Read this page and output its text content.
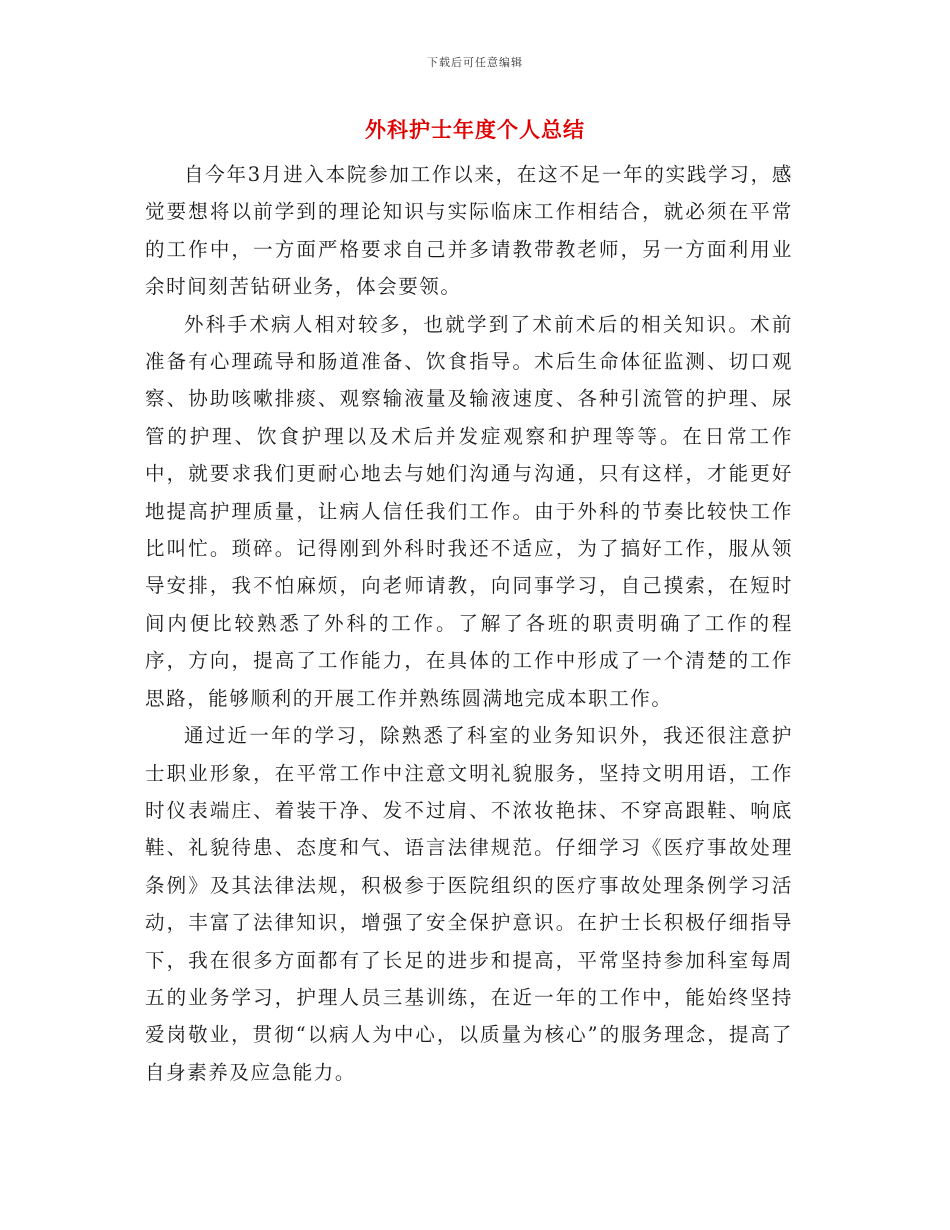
下载后可任意编辑
外科护士年度个人总结

自今年3月进入本院参加工作以来，在这不足一年的实践学习，感觉要想将以前学到的理论知识与实际临床工作相结合，就必须在平常的工作中，一方面严格要求自己并多请教带教老师，另一方面利用业余时间刻苦钻研业务，体会要领。

外科手术病人相对较多，也就学到了术前术后的相关知识。术前准备有心理疏导和肠道准备、饮食指导。术后生命体征监测、切口观察、协助咳嗽排痰、观察输液量及输液速度、各种引流管的护理、尿管的护理、饮食护理以及术后并发症观察和护理等等。在日常工作中，就要求我们更耐心地去与她们沟通与沟通，只有这样，才能更好地提高护理质量，让病人信任我们工作。由于外科的节奏比较快工作比叫忙。琐碎。记得刚到外科时我还不适应，为了搞好工作，服从领导安排，我不怕麻烦，向老师请教，向同事学习，自己摸索，在短时间内便比较熟悉了外科的工作。了解了各班的职责明确了工作的程序，方向，提高了工作能力，在具体的工作中形成了一个清楚的工作思路，能够顺利的开展工作并熟练圆满地完成本职工作。

通过近一年的学习，除熟悉了科室的业务知识外，我还很注意护士职业形象，在平常工作中注意文明礼貌服务，坚持文明用语，工作时仪表端庄、着装干净、发不过肩、不浓妆艳抹、不穿高跟鞋、响底鞋、礼貌待患、态度和气、语言法律规范。仔细学习《医疗事故处理条例》及其法律法规，积极参于医院组织的医疗事故处理条例学习活动，丰富了法律知识，增强了安全保护意识。在护士长积极仔细指导下，我在很多方面都有了长足的进步和提高，平常坚持参加科室每周五的业务学习，护理人员三基训练，在近一年的工作中，能始终坚持爱岗敬业，贯彻“以病人为中心，以质量为核心”的服务理念，提高了自身素养及应急能力。
